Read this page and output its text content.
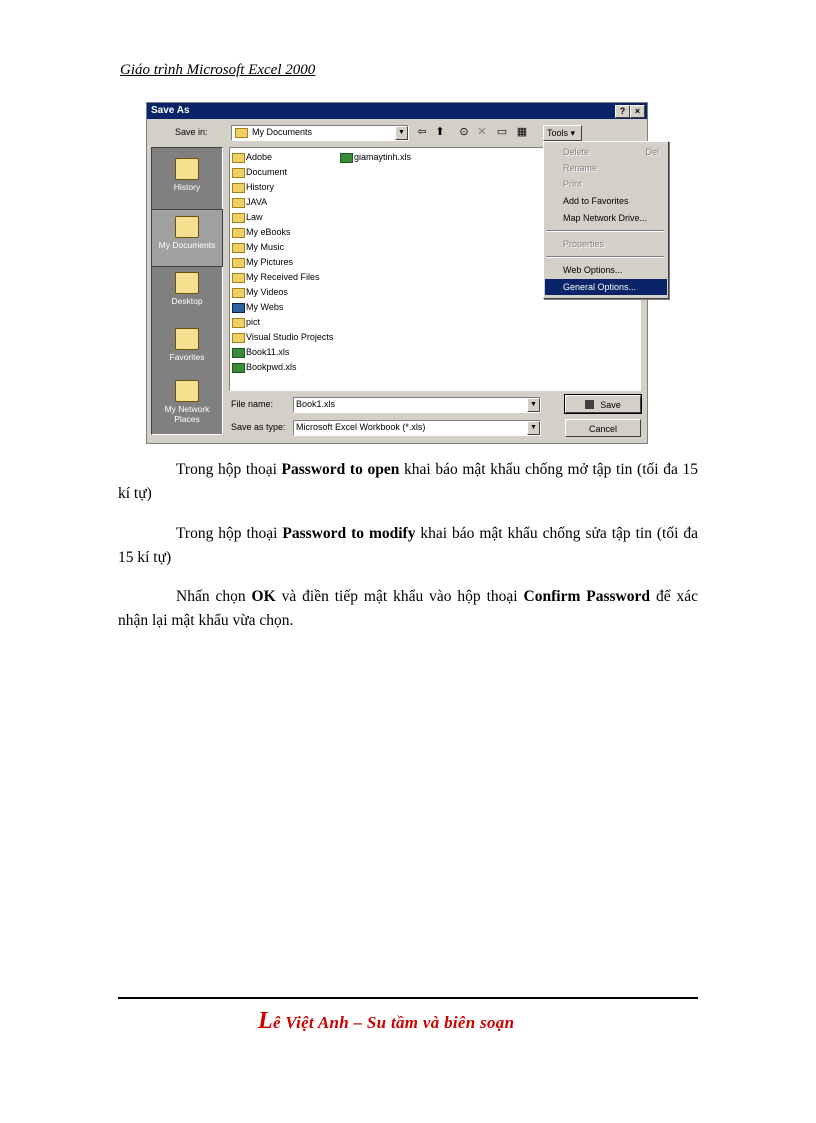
Giáo trình Microsoft Excel 2000
Save As	?	×
Save in:	My Documents	▼ ⇦ ⬆ ⊙ ✕ ▭ ▦	Tools ▾
History
My Documents
Desktop
Favorites
My Network Places
Adobe
Document
History
JAVA
Law
My eBooks
My Music
My Pictures
My Received Files
My Videos
My Webs
pict
Visual Studio Projects
Book11.xls
Bookpwd.xls
giamaytinh.xls	Delete	Del
Rename
Print
Add to Favorites
Map Network Drive...
Properties
Web Options...
General Options...
File name:	Book1.xls	▼
Save as type: Microsoft Excel Workbook (*.xls)	▼
Save
Cancel
Trong hộp thoại Password to open khai báo mật khẩu chống mở tập tin (tối đa 15 kí tự)
Trong hộp thoại Password to modify khai báo mật khẩu chống sửa tập tin (tối đa 15 kí tự)
Nhấn chọn OK và điền tiếp mật khẩu vào hộp thoại Confirm Password để xác nhận lại mật khẩu vừa chọn.
Lê Việt Anh – Su tầm và biên soạn
